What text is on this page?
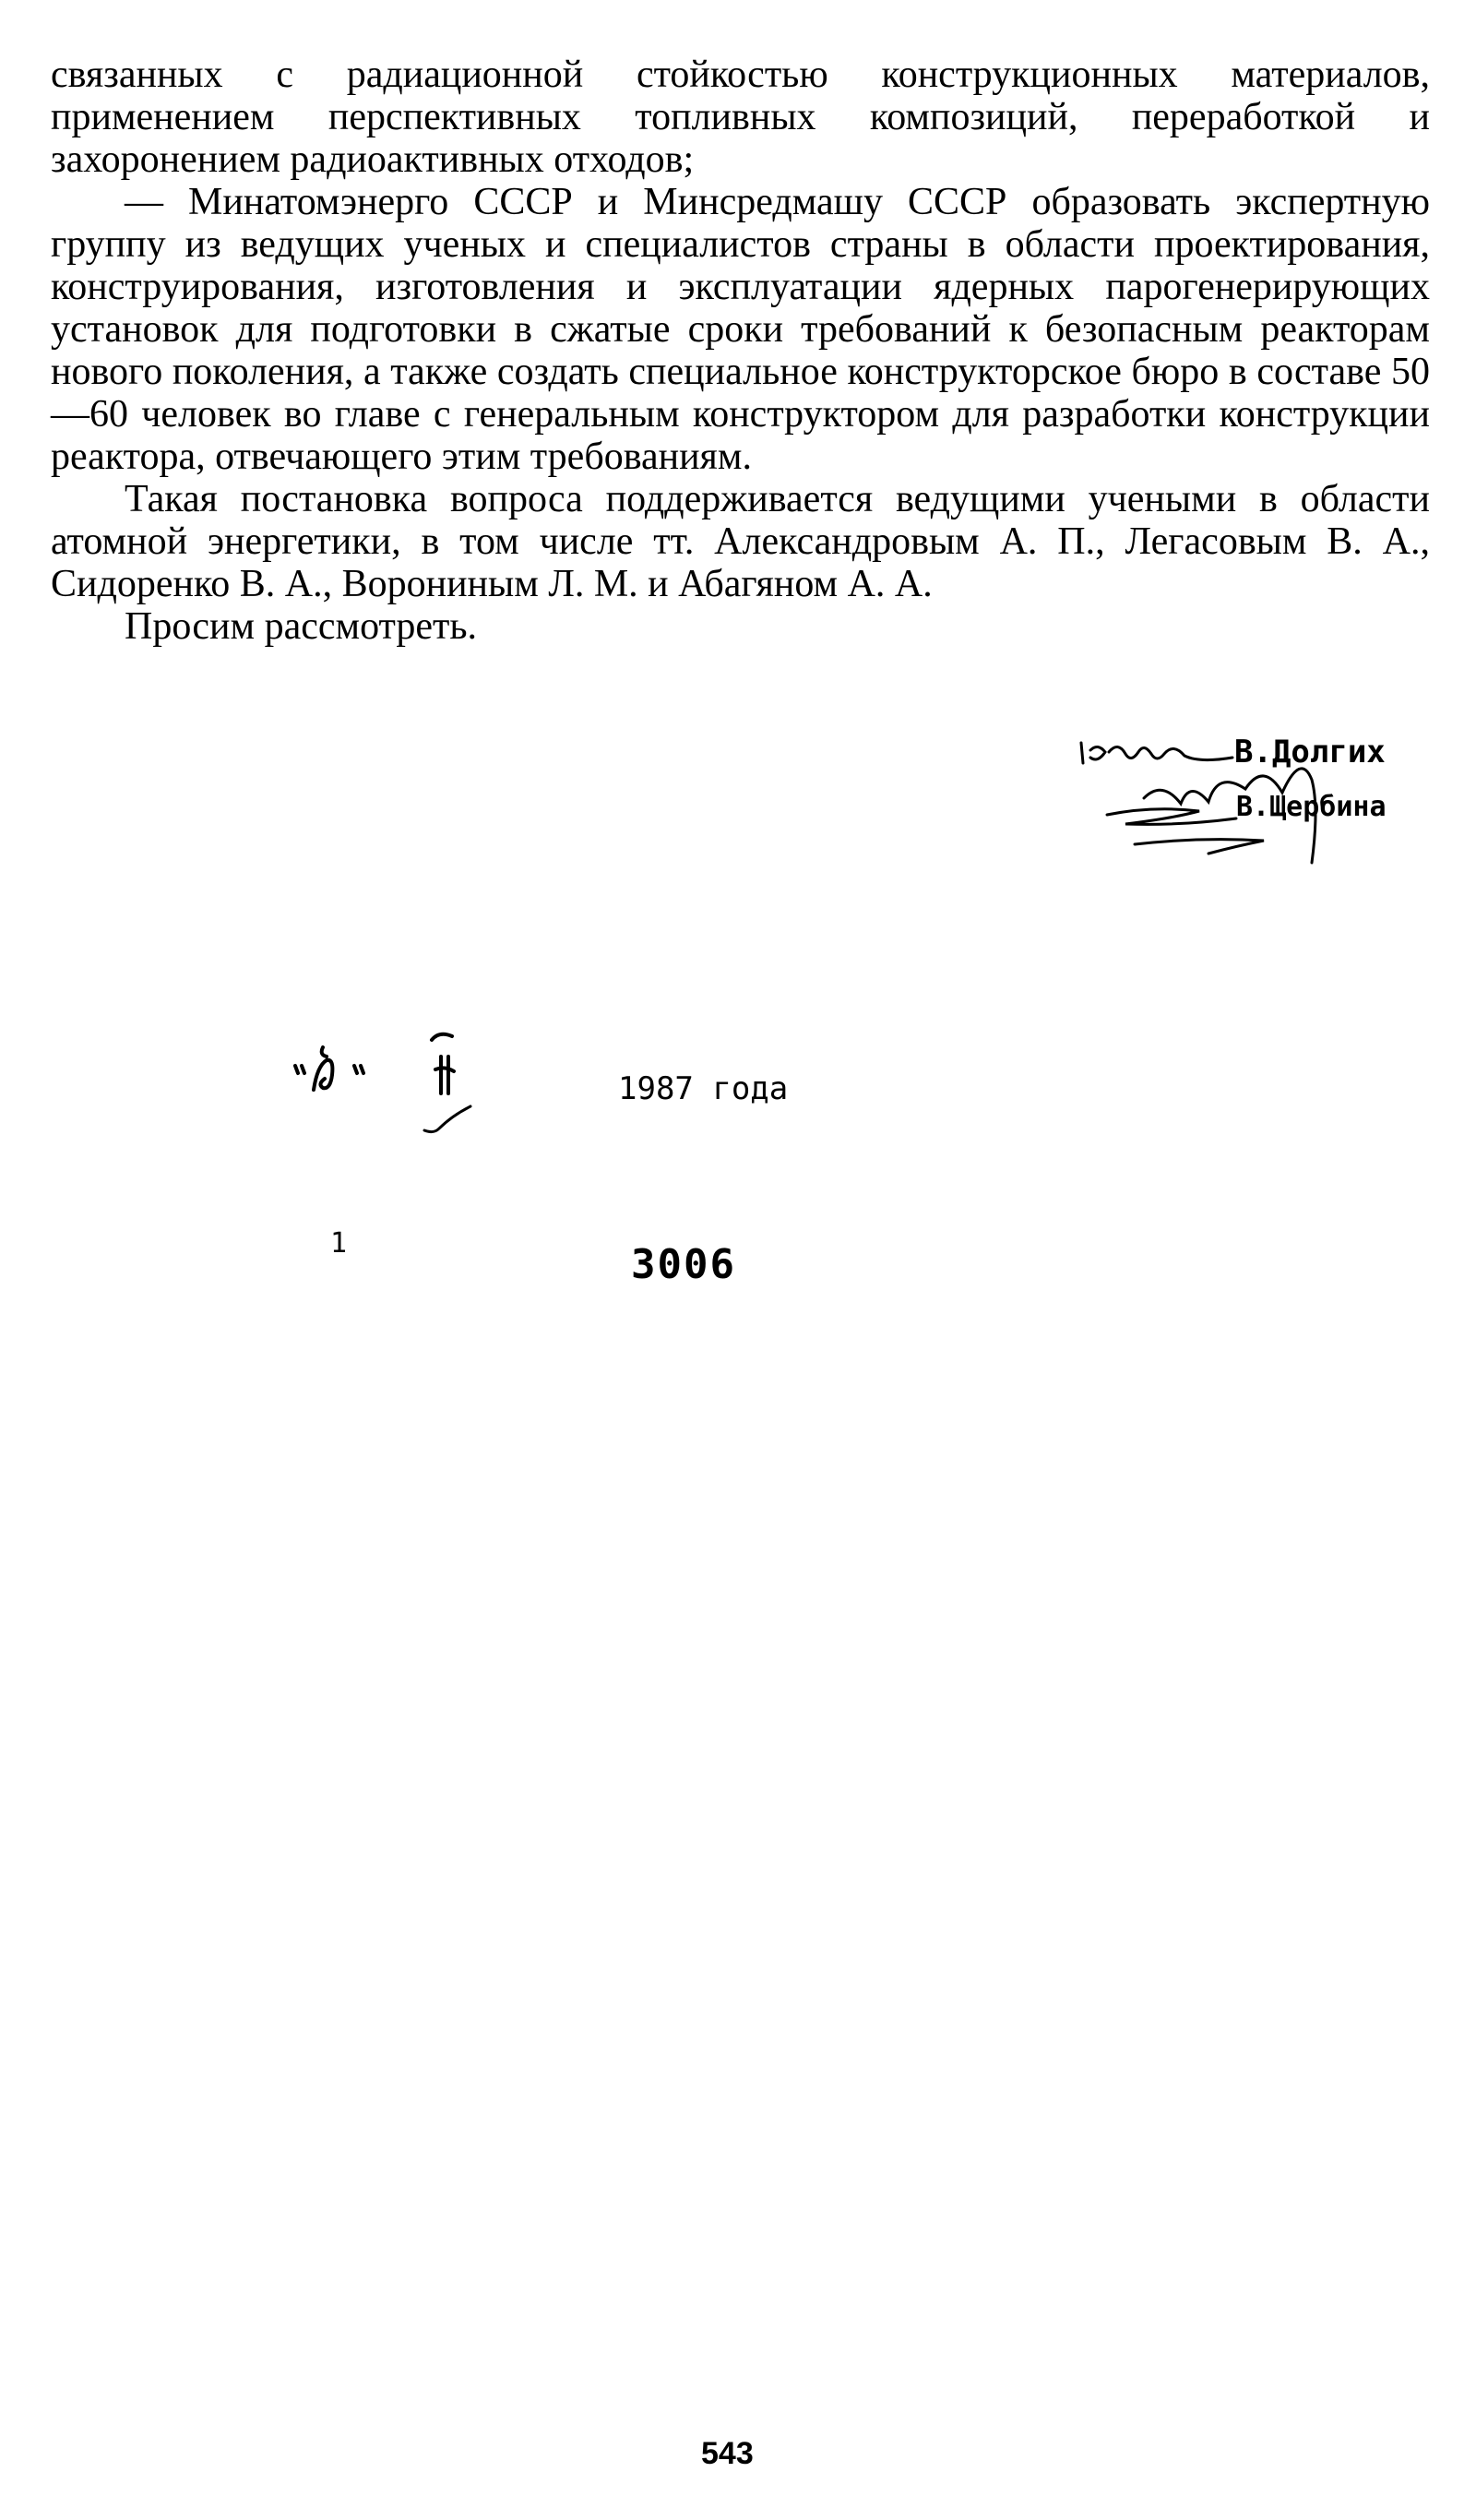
связанных с радиационной стойкостью конструкционных материалов, применением перспективных топливных композиций, переработкой и захоронением радиоактивных отходов;

— Минатомэнерго СССР и Минсредмашу СССР образовать экспертную группу из ведущих ученых и специалистов страны в области проектирования, конструирования, изготовления и эксплуатации ядерных парогенерирующих установок для подготовки в сжатые сроки требований к безопасным реакторам нового поколения, а также создать специальное конструкторское бюро в составе 50—60 человек во главе с генеральным конструктором для разработки конструкции реактора, отвечающего этим требованиям.

Такая постановка вопроса поддерживается ведущими учеными в области атомной энергетики, в том числе тт. Александровым А. П., Легасовым В. А., Сидоренко В. А., Ворониным Л. М. и Абагяном А. А.

Просим рассмотреть.

В.Долгих
В.Щербина
1987 года
1	3006
543
